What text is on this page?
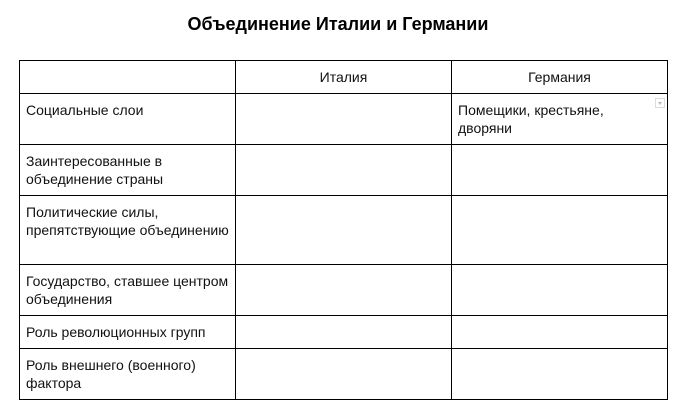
Объединение Италии и Германии
	Италия	Германия
Социальные слои		Помещики, крестьяне, дворяни

Заинтересованные в объединение страны		
Политические силы, препятствующие объединению		
Государство, ставшее центром объединения		
Роль революционных групп		
Роль внешнего (военного) фактора		
